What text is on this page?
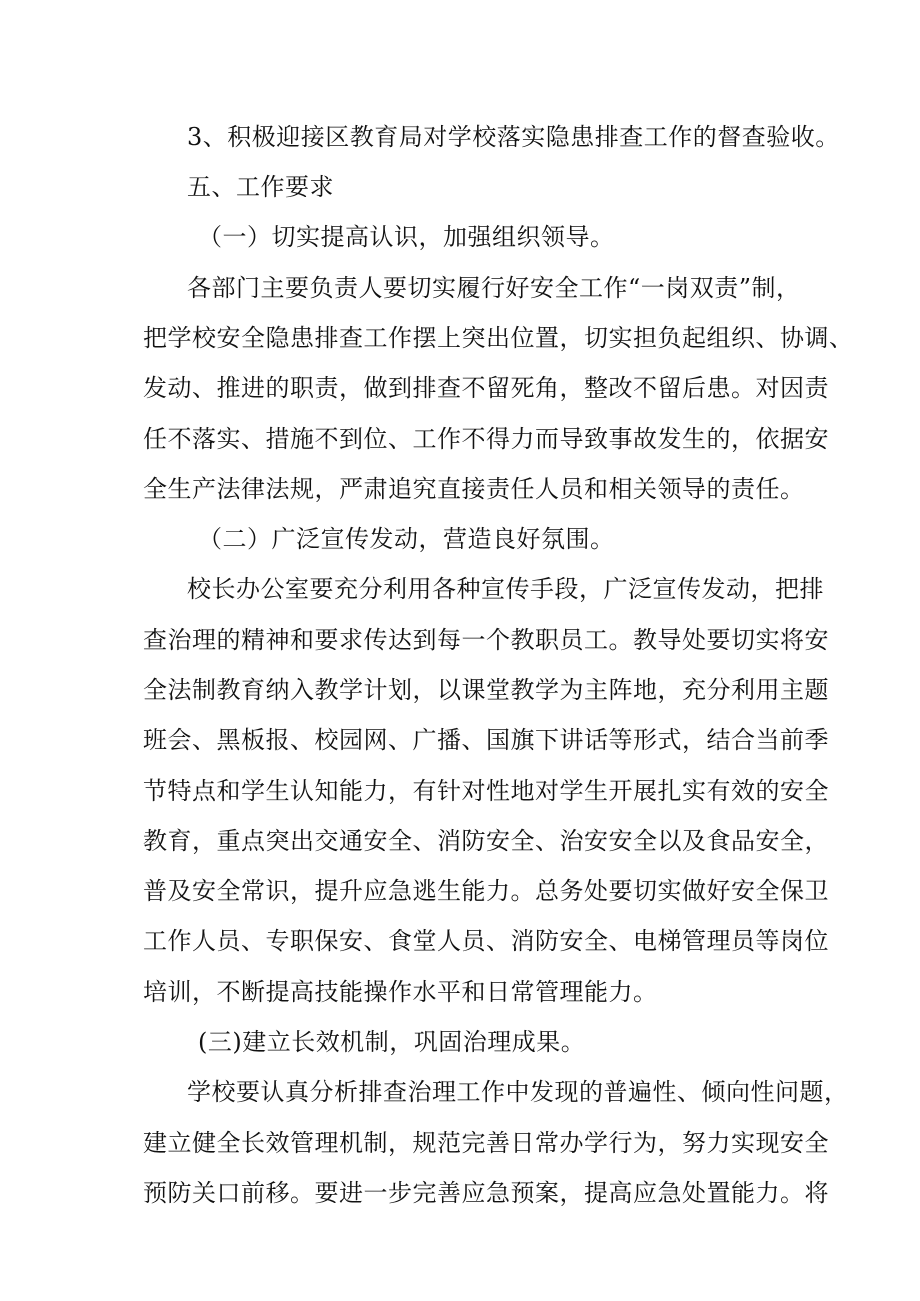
3、积极迎接区教育局对学校落实隐患排查工作的督查验收。
五、工作要求
（一）切实提高认识，加强组织领导。
各部门主要负责人要切实履行好安全工作“一岗双责”制，
把学校安全隐患排查工作摆上突出位置，切实担负起组织、协调、
发动、推进的职责，做到排查不留死角，整改不留后患。对因责
任不落实、措施不到位、工作不得力而导致事故发生的，依据安
全生产法律法规，严肃追究直接责任人员和相关领导的责任。
（二）广泛宣传发动，营造良好氛围。
校长办公室要充分利用各种宣传手段，广泛宣传发动，把排
查治理的精神和要求传达到每一个教职员工。教导处要切实将安
全法制教育纳入教学计划，以课堂教学为主阵地，充分利用主题
班会、黑板报、校园网、广播、国旗下讲话等形式，结合当前季
节特点和学生认知能力，有针对性地对学生开展扎实有效的安全
教育，重点突出交通安全、消防安全、治安安全以及食品安全，
普及安全常识，提升应急逃生能力。总务处要切实做好安全保卫
工作人员、专职保安、食堂人员、消防安全、电梯管理员等岗位
培训，不断提高技能操作水平和日常管理能力。
(三)建立长效机制，巩固治理成果。
学校要认真分析排查治理工作中发现的普遍性、倾向性问题，
建立健全长效管理机制，规范完善日常办学行为，努力实现安全
预防关口前移。要进一步完善应急预案，提高应急处置能力。将
